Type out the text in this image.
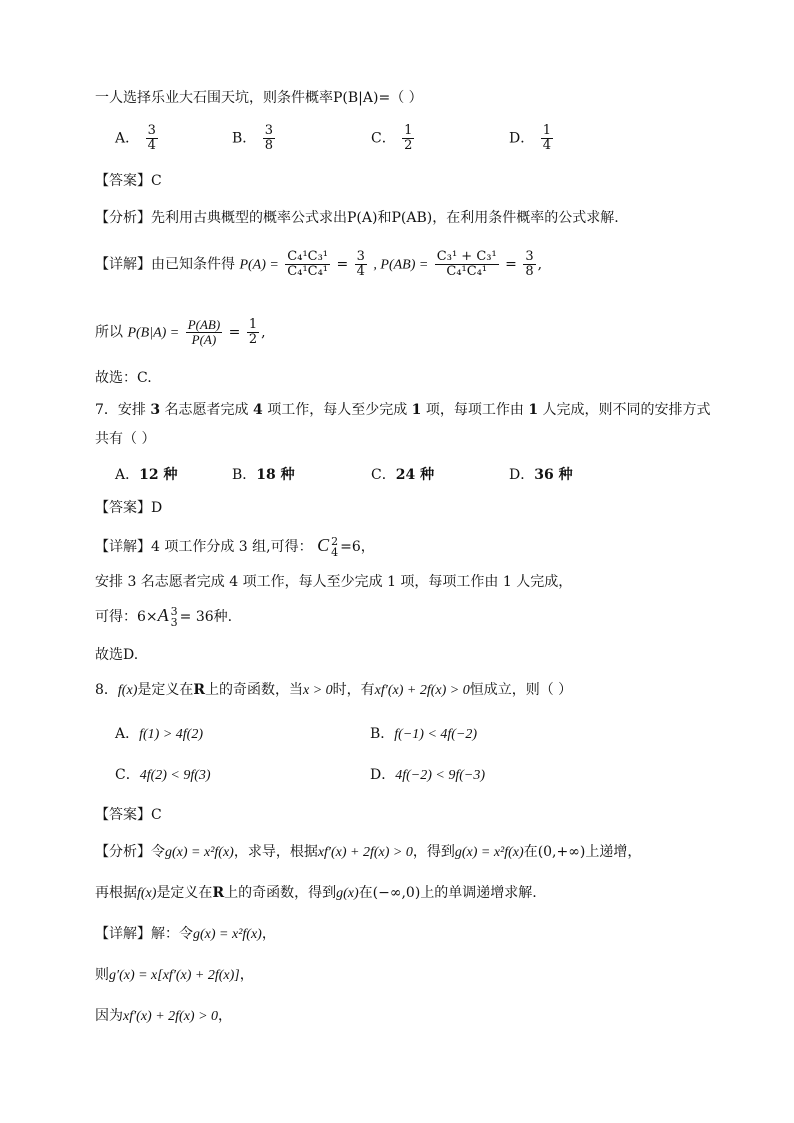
一人选择乐业大石围天坑，则条件概率P(B|A)=（ ）
A． $\frac{3}{4}$	B． $\frac{3}{8}$	C． $\frac{1}{2}$	D． $\frac{1}{4}$
【答案】C
【分析】先利用古典概型的概率公式求出P(A)和P(AB)，在利用条件概率的公式求解.
【详解】由已知条件得 $P(A) = \frac{\text{C₄¹C₃¹}}{\text{C₄¹C₄¹}} = \frac{3}{4}$ , $P(AB) = \frac{\text{C₃¹ + C₃¹}}{\text{C₄¹C₄¹}} = \frac{3}{8}$ ,
所以 $P(B|A) = \frac{P(AB)}{P(A)} = \frac{1}{2}$ ,
故选：C.
7．安排 3 名志愿者完成 4 项工作，每人至少完成 1 项，每项工作由 1 人完成，则不同的安排方式
共有（ ）
A．12 种	B．18 种	C．24 种	D．36 种
【答案】D
【详解】4 项工作分成 3 组,可得： C 2
4 =6，
安排 3 名志愿者完成 4 项工作，每人至少完成 1 项，每项工作由 1 人完成，
可得：6×A 3
3 = 36种.
故选D.
8．f(x)是定义在R上的奇函数，当x > 0时，有xf′(x) + 2f(x) > 0恒成立，则（ ）
A．f(1) > 4f(2)	B．f(−1) < 4f(−2)
C．4f(2) < 9f(3)	D．4f(−2) < 9f(−3)
【答案】C
【分析】令g(x) = x²f(x)，求导，根据xf′(x) + 2f(x) > 0，得到g(x) = x²f(x)在(0,+∞)上递增，
再根据f(x)是定义在R上的奇函数，得到g(x)在(−∞,0)上的单调递增求解.
【详解】解：令g(x) = x²f(x)，
则g′(x) = x[xf′(x) + 2f(x)]，
因为xf′(x) + 2f(x) > 0，
